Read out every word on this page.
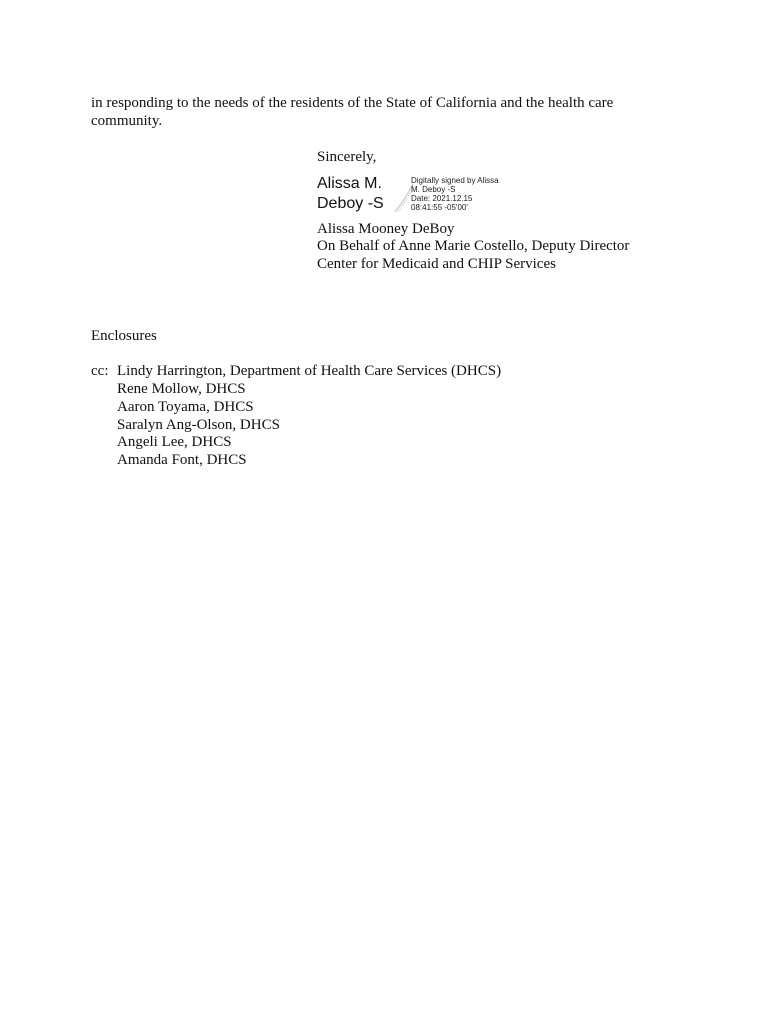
in responding to the needs of the residents of the State of California and the health care
community.
Sincerely,
Alissa M.
Deboy -S
Digitally signed by Alissa
M. Deboy -S
Date: 2021.12.15
08:41:55 -05'00'
Alissa Mooney DeBoy
On Behalf of Anne Marie Costello, Deputy Director
Center for Medicaid and CHIP Services
Enclosures
cc: Lindy Harrington, Department of Health Care Services (DHCS)
Rene Mollow, DHCS
Aaron Toyama, DHCS
Saralyn Ang-Olson, DHCS
Angeli Lee, DHCS
Amanda Font, DHCS
